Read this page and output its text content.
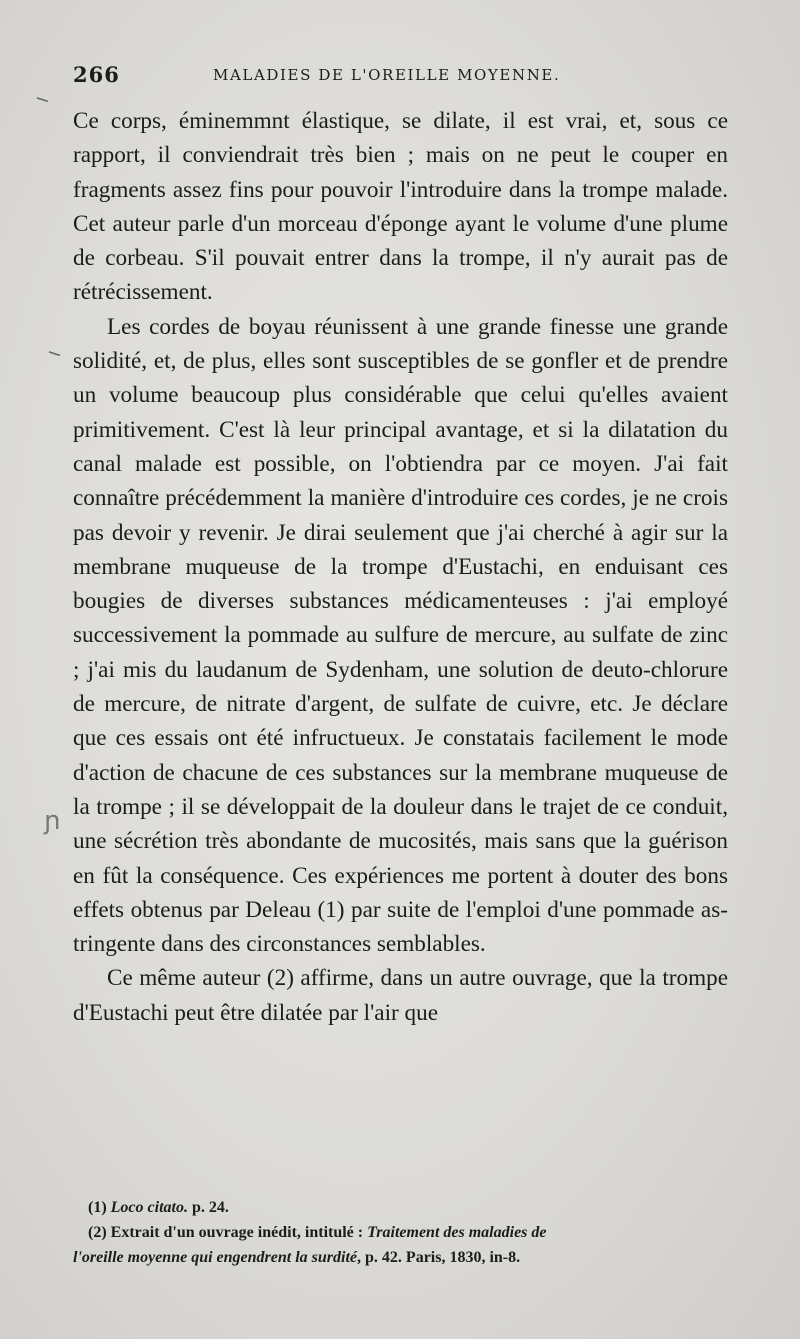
266	MALADIES DE L'OREILLE MOYENNE.
‾
‾
ɲ

Ce corps, éminemmnt élastique, se dilate, il est vrai, et, sous ce rapport, il conviendrait très bien ; mais on ne peut le couper en fragments assez fins pour pouvoir l'introduire dans la trompe malade. Cet auteur parle d'un morceau d'éponge ayant le volume d'une plume de corbeau. S'il pouvait entrer dans la trompe, il n'y aurait pas de rétrécissement.

Les cordes de boyau réunissent à une grande finesse une grande solidité, et, de plus, elles sont susceptibles de se gonfler et de prendre un volume beaucoup plus considérable que celui qu'elles avaient primitivement. C'est là leur principal avantage, et si la dilatation du canal malade est possible, on l'obtiendra par ce moyen. J'ai fait connaître précédemment la manière d'introduire ces cordes, je ne crois pas devoir y revenir. Je dirai seulement que j'ai cherché à agir sur la membrane muqueuse de la trompe d'Eustachi, en enduisant ces bougies de diverses substances médicamenteuses : j'ai employé successivement la pommade au sulfure de mercure, au sulfate de zinc ; j'ai mis du laudanum de Sydenham, une solution de deuto-chlorure de mercure, de nitrate d'argent, de sulfate de cuivre, etc. Je déclare que ces essais ont été infructueux. Je constatais facilement le mode d'action de chacune de ces substances sur la membrane muqueuse de la trompe ; il se développait de la douleur dans le trajet de ce conduit, une sécrétion très abondante de mucosités, mais sans que la guérison en fût la conséquence. Ces expériences me portent à douter des bons effets obtenus par Deleau (1) par suite de l'emploi d'une pommade astringente dans des circonstances semblables.

Ce même auteur (2) affirme, dans un autre ouvrage, que la trompe d'Eustachi peut être dilatée par l'air que

(1) Loco citato. p. 24.

(2) Extrait d'un ouvrage inédit, intitulé : Traitement des maladies de
l'oreille moyenne qui engendrent la surdité, p. 42. Paris, 1830, in-8.
